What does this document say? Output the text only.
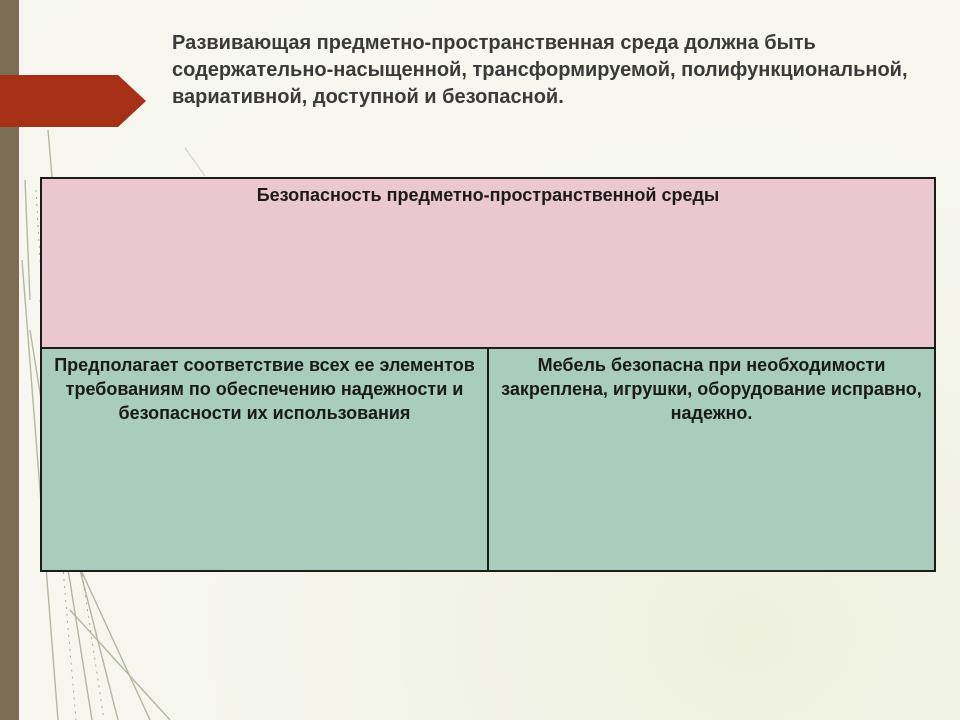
Развивающая предметно-пространственная среда должна быть содержательно-насыщенной, трансформируемой, полифункциональной, вариативной, доступной и безопасной.
Безопасность предметно-пространственной среды
Предполагает соответствие всех ее элементов требованиям по обеспечению надежности и безопасности их использования	Мебель безопасна при необходимости закреплена, игрушки, оборудование исправно, надежно.
